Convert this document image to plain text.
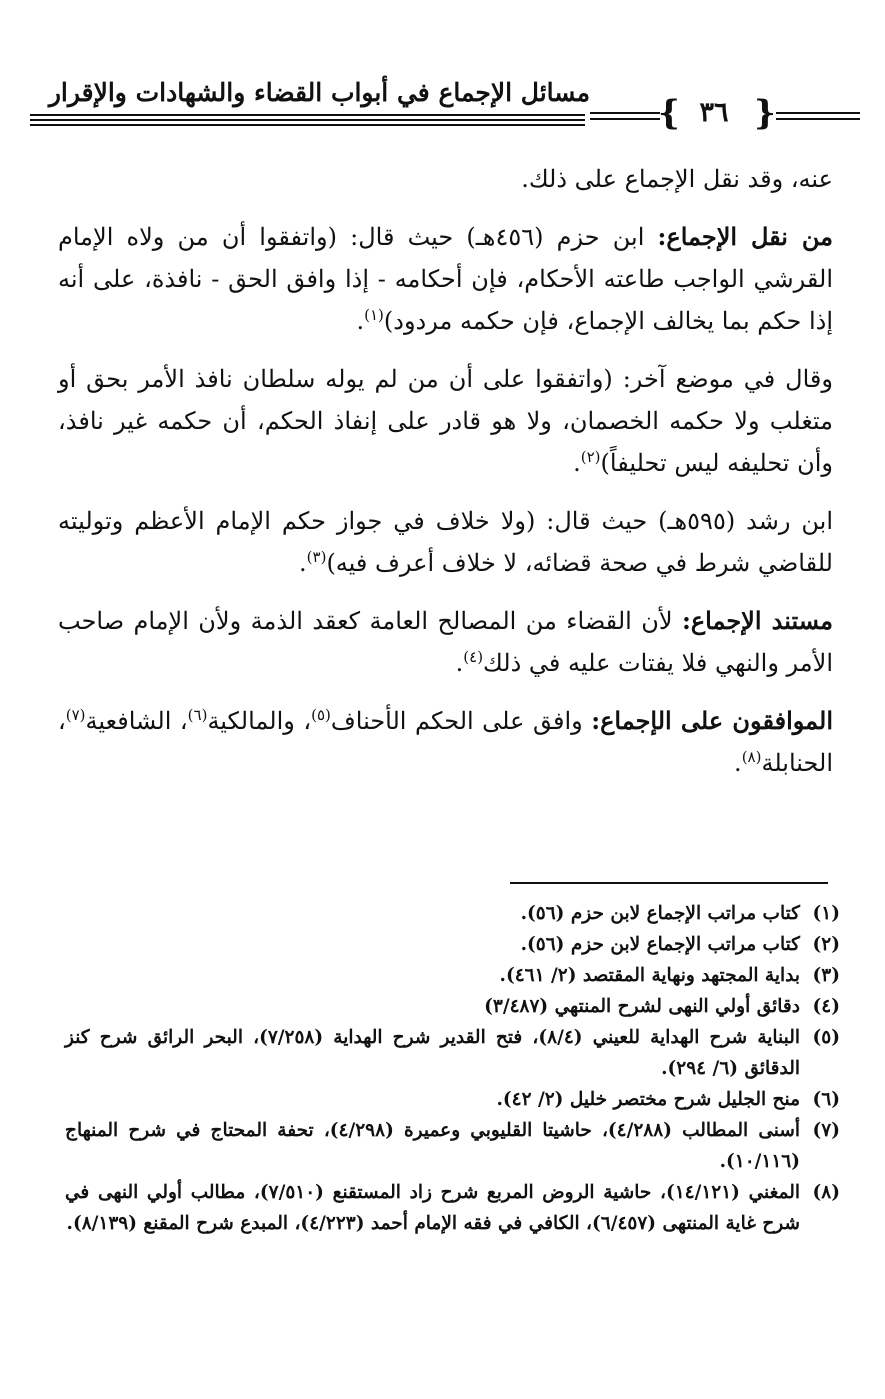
مسائل الإجماع في أبواب القضاء والشهادات والإقرار
{ ٣٦ }

عنه، وقد نقل الإجماع على ذلك.

من نقل الإجماع: ابن حزم (٤٥٦هـ) حيث قال: (واتفقوا أن من ولاه الإمام القرشي الواجب طاعته الأحكام، فإن أحكامه - إذا وافق الحق - نافذة، على أنه إذا حكم بما يخالف الإجماع، فإن حكمه مردود)$^{(١)}$.

وقال في موضع آخر: (واتفقوا على أن من لم يوله سلطان نافذ الأمر بحق أو متغلب ولا حكمه الخصمان، ولا هو قادر على إنفاذ الحكم، أن حكمه غير نافذ، وأن تحليفه ليس تحليفاً)$^{(٢)}$.

ابن رشد (٥٩٥هـ) حيث قال: (ولا خلاف في جواز حكم الإمام الأعظم وتوليته للقاضي شرط في صحة قضائه، لا خلاف أعرف فيه)$^{(٣)}$.

مستند الإجماع: لأن القضاء من المصالح العامة كعقد الذمة ولأن الإمام صاحب الأمر والنهي فلا يفتات عليه في ذلك$^{(٤)}$.

الموافقون على الإجماع: وافق على الحكم الأحناف$^{(٥)}$، والمالكية$^{(٦)}$، الشافعية$^{(٧)}$، الحنابلة$^{(٨)}$.

(١)
كتاب مراتب الإجماع لابن حزم (٥٦).
(٢)
كتاب مراتب الإجماع لابن حزم (٥٦).
(٣)
بداية المجتهد ونهاية المقتصد (٢/ ٤٦١).
(٤)
دقائق أولي النهى لشرح المنتهي (٣/٤٨٧)
(٥)
البناية شرح الهداية للعيني (٨/٤)، فتح القدير شرح الهداية (٧/٢٥٨)، البحر الرائق شرح كنز الدقائق (٦/ ٢٩٤).
(٦)
منح الجليل شرح مختصر خليل (٢/ ٤٢).
(٧)
أسنى المطالب (٤/٢٨٨)، حاشيتا القليوبي وعميرة (٤/٢٩٨)، تحفة المحتاج في شرح المنهاج (١٠/١١٦).
(٨)
المغني (١٤/١٢١)، حاشية الروض المربع شرح زاد المستقنع (٧/٥١٠)، مطالب أولي النهى في شرح غاية المنتهى (٦/٤٥٧)، الكافي في فقه الإمام أحمد (٤/٢٢٣)، المبدع شرح المقنع (٨/١٣٩).
